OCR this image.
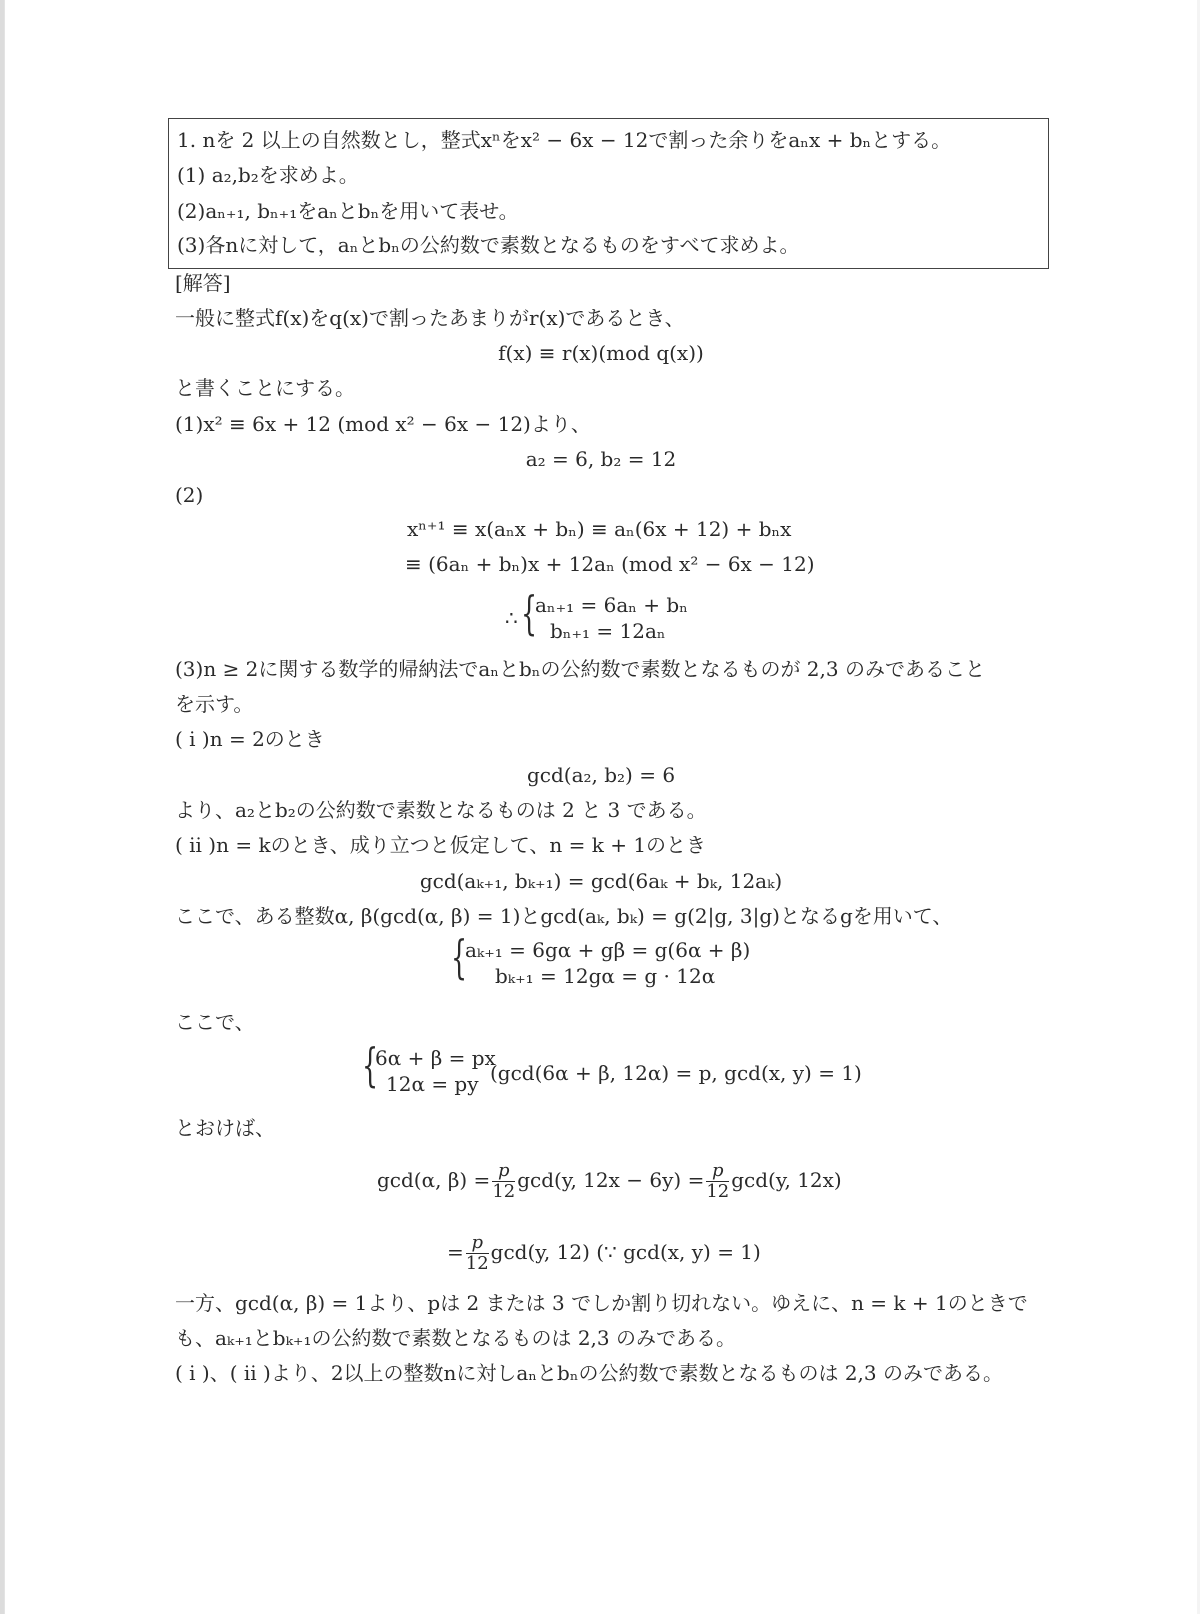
1. nを 2 以上の自然数とし，整式xⁿをx² − 6x − 12で割った余りをaₙx + bₙとする。
(1) a₂,b₂を求めよ。
(2)aₙ₊₁, bₙ₊₁をaₙとbₙを用いて表せ。
(3)各nに対して，aₙとbₙの公約数で素数となるものをすべて求めよ。
[解答]
一般に整式f(x)をq(x)で割ったあまりがr(x)であるとき、
f(x) ≡ r(x)(mod q(x))
と書くことにする。
(1)x² ≡ 6x + 12 (mod x² − 6x − 12)より、
a₂ = 6, b₂ = 12
(2)
xⁿ⁺¹ ≡ x(aₙx + bₙ) ≡ aₙ(6x + 12) + bₙx
≡ (6aₙ + bₙ)x + 12aₙ (mod x² − 6x − 12)
∴ {
aₙ₊₁ = 6aₙ + bₙ
bₙ₊₁ = 12aₙ
(3)n ≥ 2に関する数学的帰納法でaₙとbₙの公約数で素数となるものが 2,3 のみであること
を示す。
( i )n = 2のとき
gcd(a₂, b₂) = 6
より、a₂とb₂の公約数で素数となるものは 2 と 3 である。
( ii )n = kのとき、成り立つと仮定して、n = k + 1のとき
gcd(aₖ₊₁, bₖ₊₁) = gcd(6aₖ + bₖ, 12aₖ)
ここで、ある整数α, β(gcd(α, β) = 1)とgcd(aₖ, bₖ) = g(2|g, 3|g)となるgを用いて、
{
aₖ₊₁ = 6gα + gβ = g(6α + β)
bₖ₊₁ = 12gα = g · 12α
ここで、
{
6α + β = px
12α = py (gcd(6α + β, 12α) = p, gcd(x, y) = 1)
とおけば、
gcd(α, $\beta) = \frac{p}{12} \gcd(y$, $12x - 6y) = \frac{p}{12} \gcd(y$, 12x)
= $\frac{p}{12} \gcd(y$, 12) (∵ gcd(x, y) = 1)
一方、gcd(α, β) = 1より、pは 2 または 3 でしか割り切れない。ゆえに、n = k + 1のときで
も、aₖ₊₁とbₖ₊₁の公約数で素数となるものは 2,3 のみである。
( i )、( ii )より、2以上の整数nに対しaₙとbₙの公約数で素数となるものは 2,3 のみである。
